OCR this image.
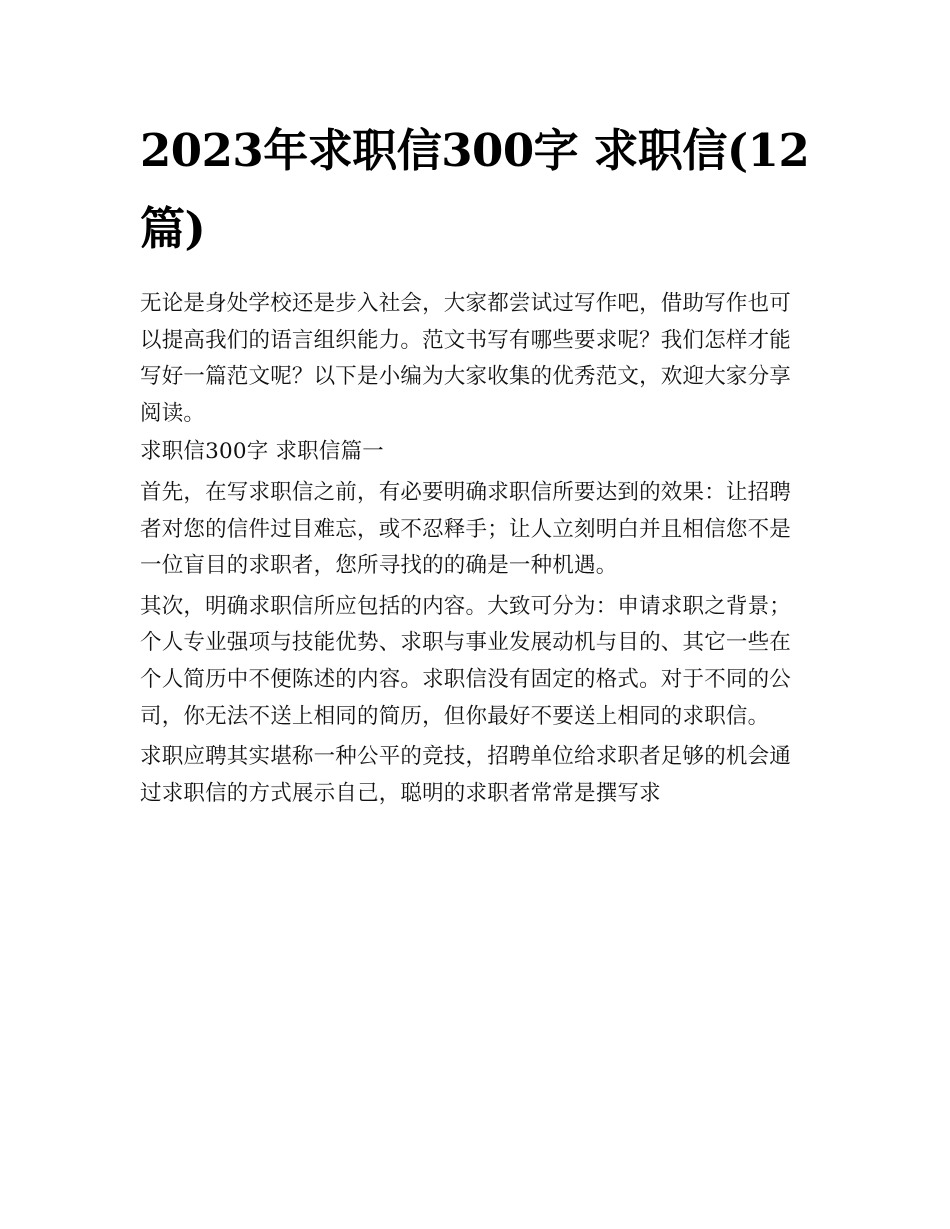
2023年求职信300字 求职信(12篇)

无论是身处学校还是步入社会，大家都尝试过写作吧，借助写作也可以提高我们的语言组织能力。范文书写有哪些要求呢？我们怎样才能写好一篇范文呢？以下是小编为大家收集的优秀范文，欢迎大家分享阅读。

求职信300字 求职信篇一

首先，在写求职信之前，有必要明确求职信所要达到的效果：让招聘者对您的信件过目难忘，或不忍释手；让人立刻明白并且相信您不是一位盲目的求职者，您所寻找的的确是一种机遇。

其次，明确求职信所应包括的内容。大致可分为：申请求职之背景；个人专业强项与技能优势、求职与事业发展动机与目的、其它一些在个人简历中不便陈述的内容。求职信没有固定的格式。对于不同的公司，你无法不送上相同的简历，但你最好不要送上相同的求职信。

求职应聘其实堪称一种公平的竞技，招聘单位给求职者足够的机会通过求职信的方式展示自己，聪明的求职者常常是撰写求
